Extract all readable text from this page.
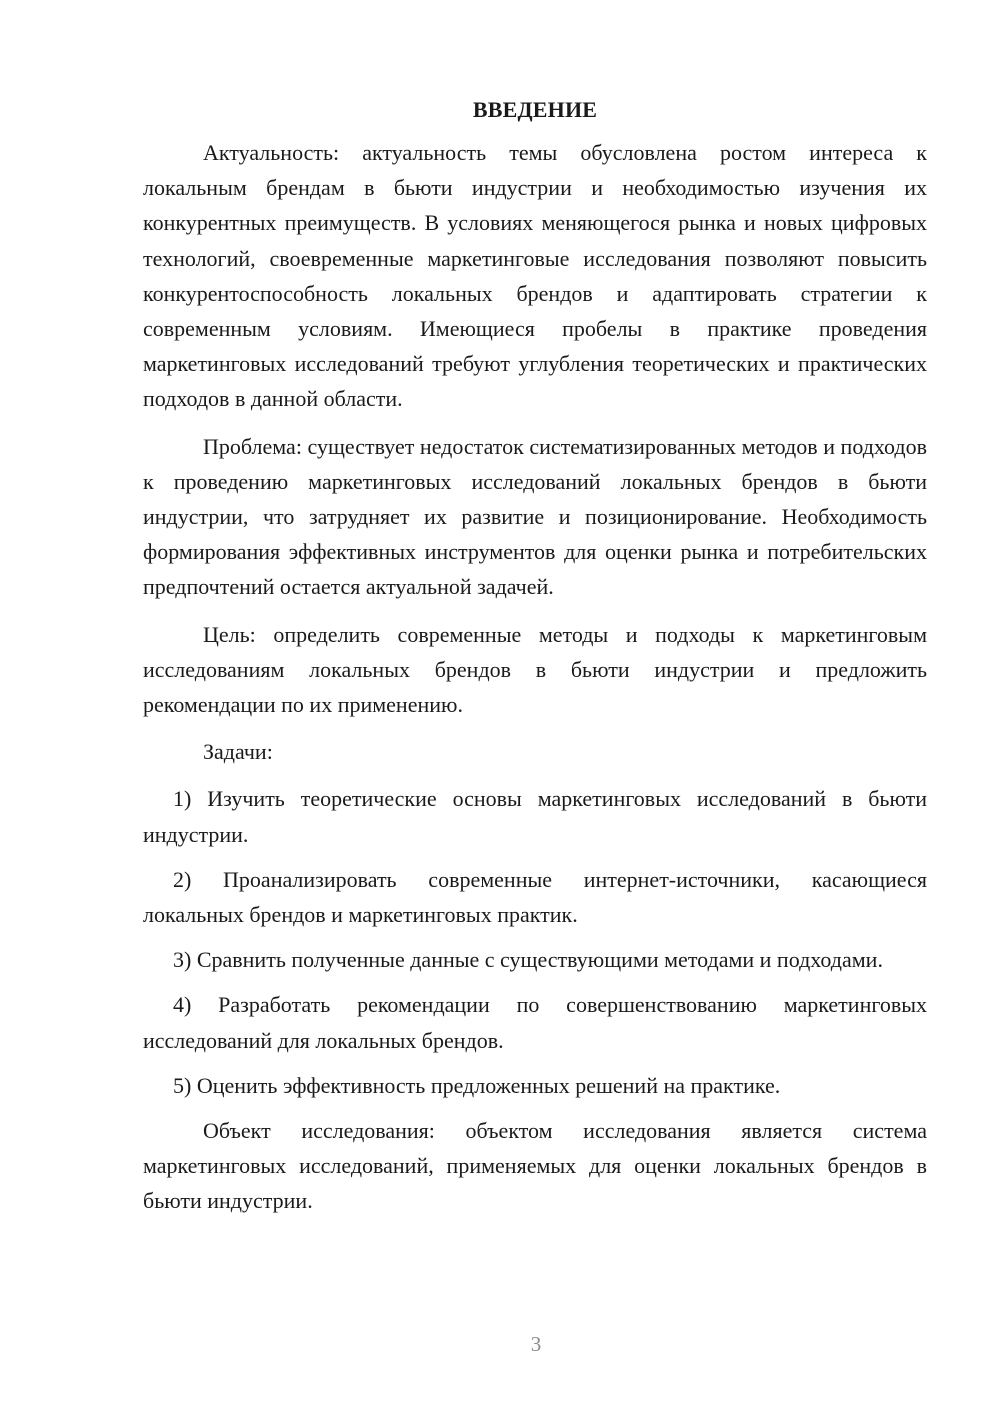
ВВЕДЕНИЕ

Актуальность: актуальность темы обусловлена ростом интереса к локальным брендам в бьюти индустрии и необходимостью изучения их конкурентных преимуществ. В условиях меняющегося рынка и новых цифровых технологий, своевременные маркетинговые исследования позволяют повысить конкурентоспособность локальных брендов и адаптировать стратегии к современным условиям. Имеющиеся пробелы в практике проведения маркетинговых исследований требуют углубления теоретических и практических подходов в данной области.

Проблема: существует недостаток систематизированных методов и подходов к проведению маркетинговых исследований локальных брендов в бьюти индустрии, что затрудняет их развитие и позиционирование. Необходимость формирования эффективных инструментов для оценки рынка и потребительских предпочтений остается актуальной задачей.

Цель: определить современные методы и подходы к маркетинговым исследованиям локальных брендов в бьюти индустрии и предложить рекомендации по их применению.

Задачи:

1) Изучить теоретические основы маркетинговых исследований в бьюти индустрии.

2) Проанализировать современные интернет-источники, касающиеся локальных брендов и маркетинговых практик.

3) Сравнить полученные данные с существующими методами и подходами.

4) Разработать рекомендации по совершенствованию маркетинговых исследований для локальных брендов.

5) Оценить эффективность предложенных решений на практике.

Объект исследования: объектом исследования является система маркетинговых исследований, применяемых для оценки локальных брендов в бьюти индустрии.

3
